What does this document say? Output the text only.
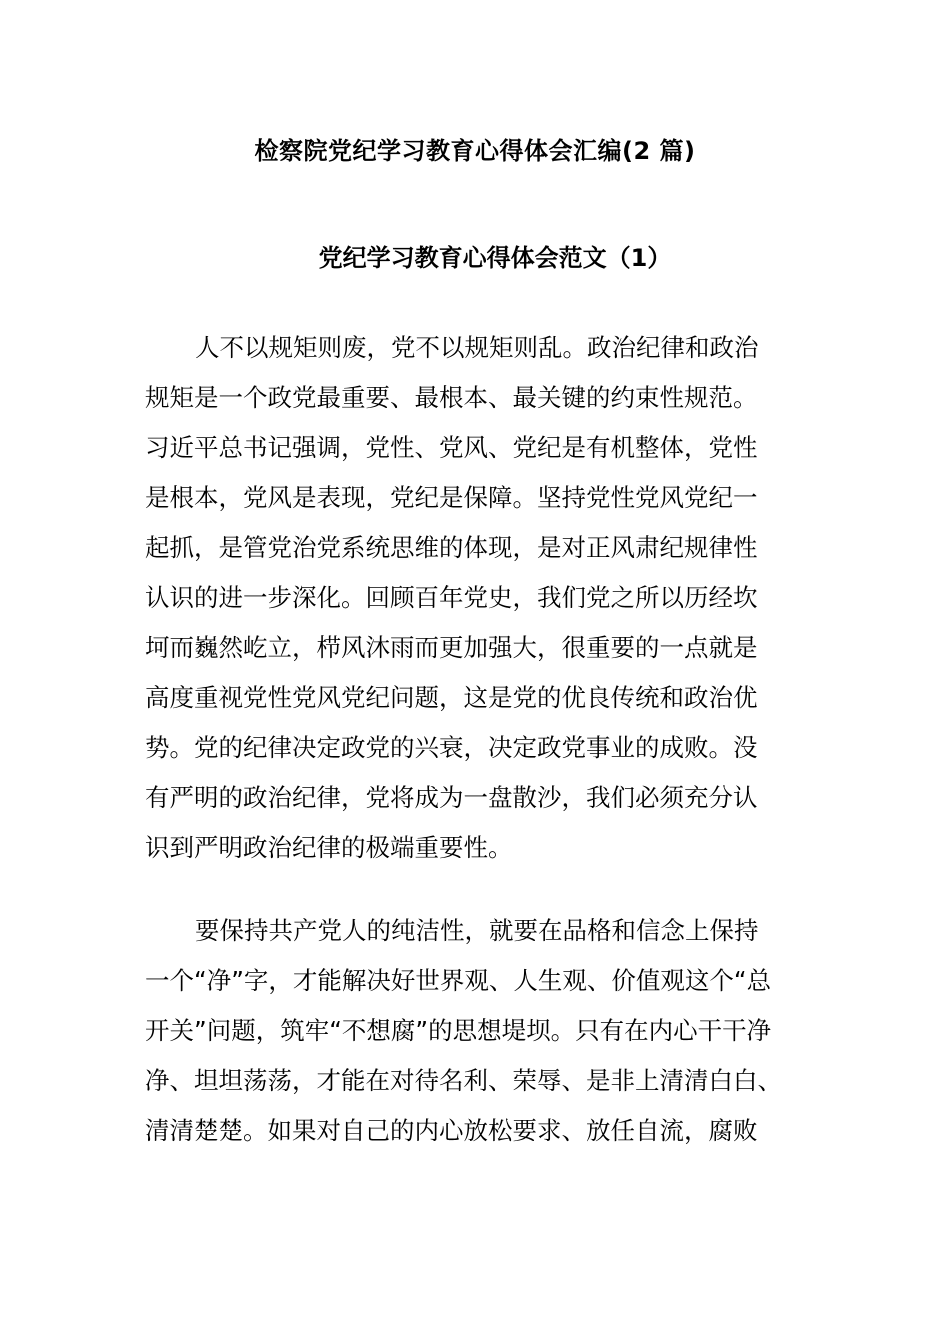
检察院党纪学习教育心得体会汇编(2 篇)
党纪学习教育心得体会范文（1）
人不以规矩则废，党不以规矩则乱。政治纪律和政治
规矩是一个政党最重要、最根本、最关键的约束性规范。
习近平总书记强调，党性、党风、党纪是有机整体，党性
是根本，党风是表现，党纪是保障。坚持党性党风党纪一
起抓，是管党治党系统思维的体现，是对正风肃纪规律性
认识的进一步深化。回顾百年党史，我们党之所以历经坎
坷而巍然屹立，栉风沐雨而更加强大，很重要的一点就是
高度重视党性党风党纪问题，这是党的优良传统和政治优
势。党的纪律决定政党的兴衰，决定政党事业的成败。没
有严明的政治纪律，党将成为一盘散沙，我们必须充分认
识到严明政治纪律的极端重要性。
要保持共产党人的纯洁性，就要在品格和信念上保持
一个“净”字，才能解决好世界观、人生观、价值观这个“总
开关”问题，筑牢“不想腐”的思想堤坝。只有在内心干干净
净、坦坦荡荡，才能在对待名利、荣辱、是非上清清白白、
清清楚楚。如果对自己的内心放松要求、放任自流，腐败
